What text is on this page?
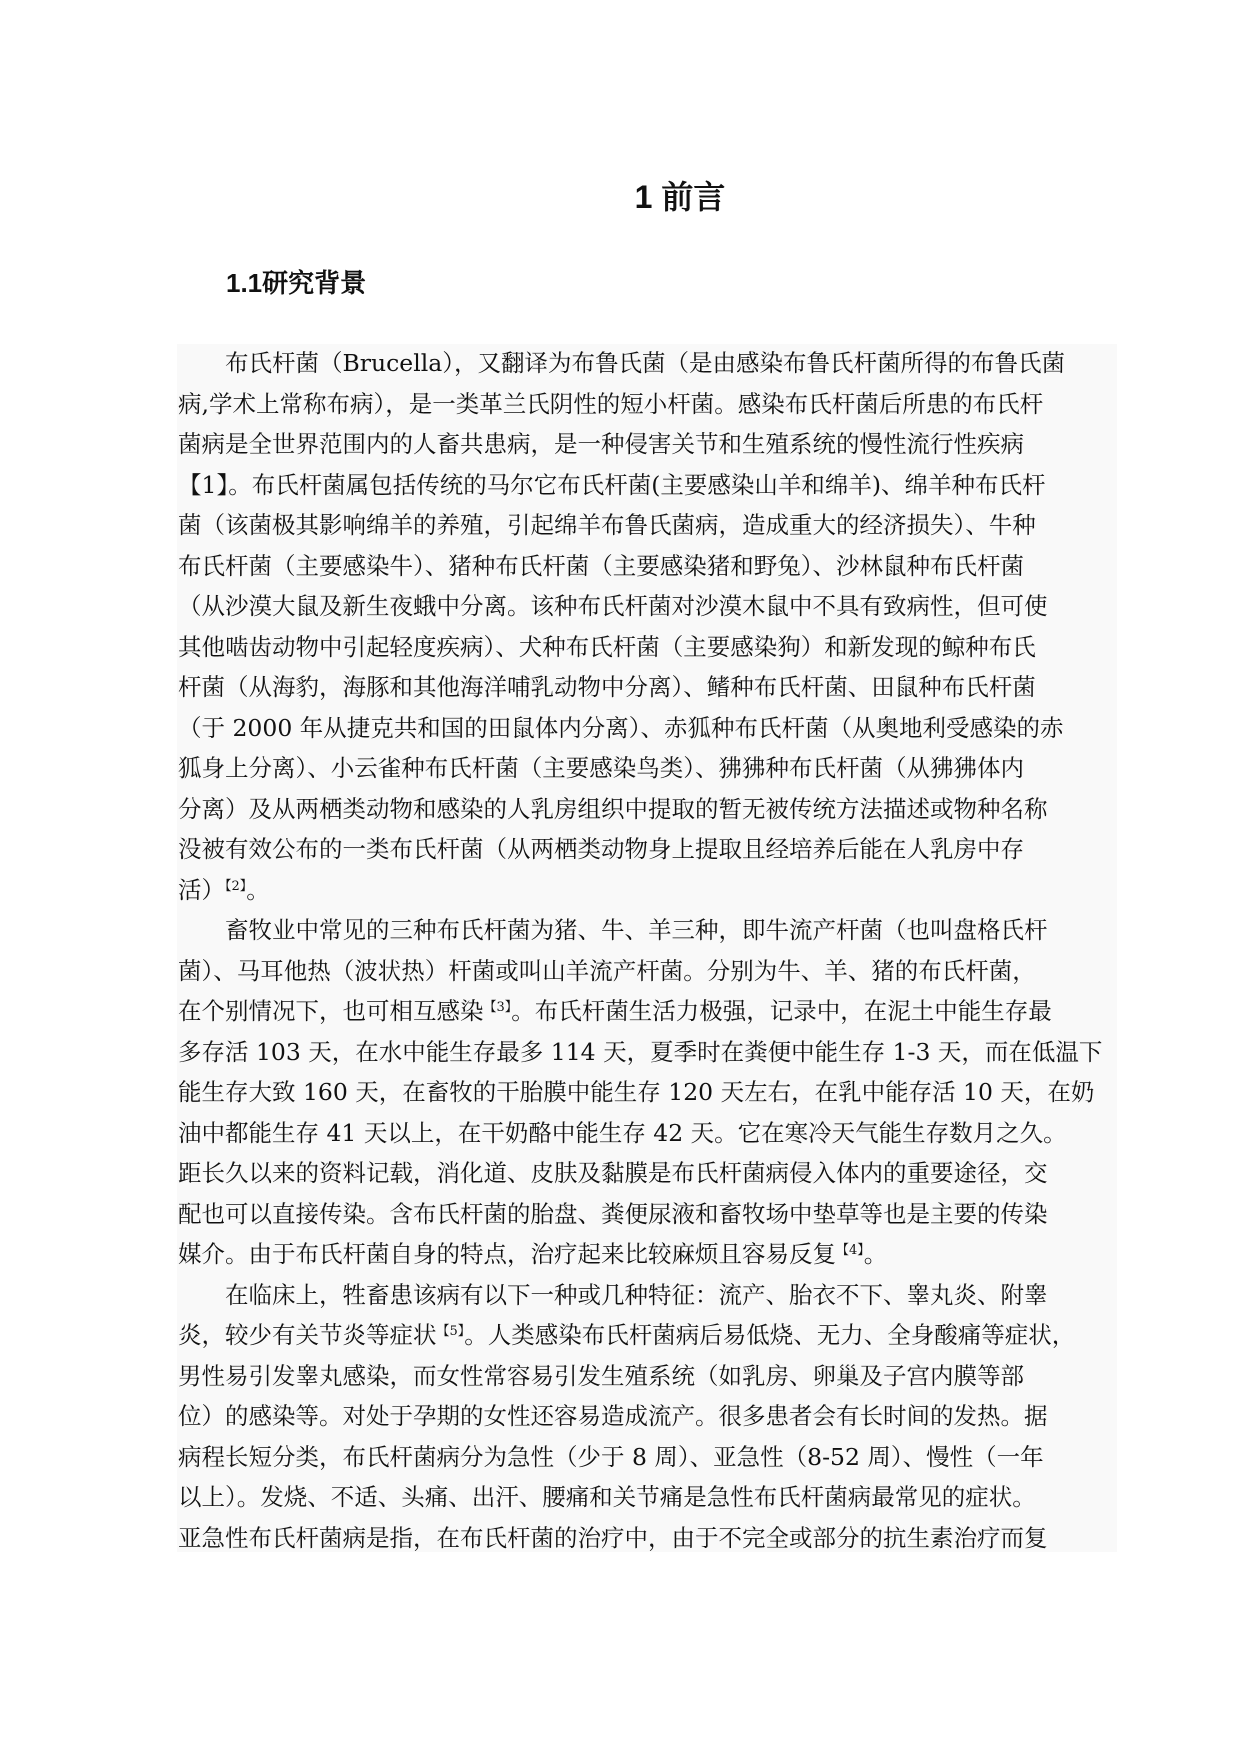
1 前言
1.1研究背景
布氏杆菌（Brucella），又翻译为布鲁氏菌（是由感染布鲁氏杆菌所得的布鲁氏菌
病,学术上常称布病），是一类革兰氏阴性的短小杆菌。感染布氏杆菌后所患的布氏杆
菌病是全世界范围内的人畜共患病，是一种侵害关节和生殖系统的慢性流行性疾病
【1】。布氏杆菌属包括传统的马尔它布氏杆菌(主要感染山羊和绵羊)、绵羊种布氏杆
菌（该菌极其影响绵羊的养殖，引起绵羊布鲁氏菌病，造成重大的经济损失）、牛种
布氏杆菌（主要感染牛）、猪种布氏杆菌（主要感染猪和野兔）、沙林鼠种布氏杆菌
（从沙漠大鼠及新生夜蛾中分离。该种布氏杆菌对沙漠木鼠中不具有致病性，但可使
其他啮齿动物中引起轻度疾病）、犬种布氏杆菌（主要感染狗）和新发现的鲸种布氏
杆菌（从海豹，海豚和其他海洋哺乳动物中分离）、鳍种布氏杆菌、田鼠种布氏杆菌
（于 2000 年从捷克共和国的田鼠体内分离）、赤狐种布氏杆菌（从奥地利受感染的赤
狐身上分离）、小云雀种布氏杆菌（主要感染鸟类）、狒狒种布氏杆菌（从狒狒体内
分离）及从两栖类动物和感染的人乳房组织中提取的暂无被传统方法描述或物种名称
没被有效公布的一类布氏杆菌（从两栖类动物身上提取且经培养后能在人乳房中存
活）$^{【2】}$。
畜牧业中常见的三种布氏杆菌为猪、牛、羊三种，即牛流产杆菌（也叫盘格氏杆
菌）、马耳他热（波状热）杆菌或叫山羊流产杆菌。分别为牛、羊、猪的布氏杆菌，
在个别情况下，也可相互感染$^{【3】}$。布氏杆菌生活力极强，记录中，在泥土中能生存最
多存活 103 天，在水中能生存最多 114 天，夏季时在粪便中能生存 1-3 天，而在低温下
能生存大致 160 天，在畜牧的干胎膜中能生存 120 天左右，在乳中能存活 10 天，在奶
油中都能生存 41 天以上，在干奶酪中能生存 42 天。它在寒冷天气能生存数月之久。
距长久以来的资料记载，消化道、皮肤及黏膜是布氏杆菌病侵入体内的重要途径，交
配也可以直接传染。含布氏杆菌的胎盘、粪便尿液和畜牧场中垫草等也是主要的传染
媒介。由于布氏杆菌自身的特点，治疗起来比较麻烦且容易反复$^{【4】}$。
在临床上，牲畜患该病有以下一种或几种特征：流产、胎衣不下、睾丸炎、附睾
炎，较少有关节炎等症状$^{【5】}$。人类感染布氏杆菌病后易低烧、无力、全身酸痛等症状，
男性易引发睾丸感染，而女性常容易引发生殖系统（如乳房、卵巢及子宫内膜等部
位）的感染等。对处于孕期的女性还容易造成流产。很多患者会有长时间的发热。据
病程长短分类，布氏杆菌病分为急性（少于 8 周）、亚急性（8-52 周）、慢性（一年
以上）。发烧、不适、头痛、出汗、腰痛和关节痛是急性布氏杆菌病最常见的症状。
亚急性布氏杆菌病是指，在布氏杆菌的治疗中，由于不完全或部分的抗生素治疗而复
